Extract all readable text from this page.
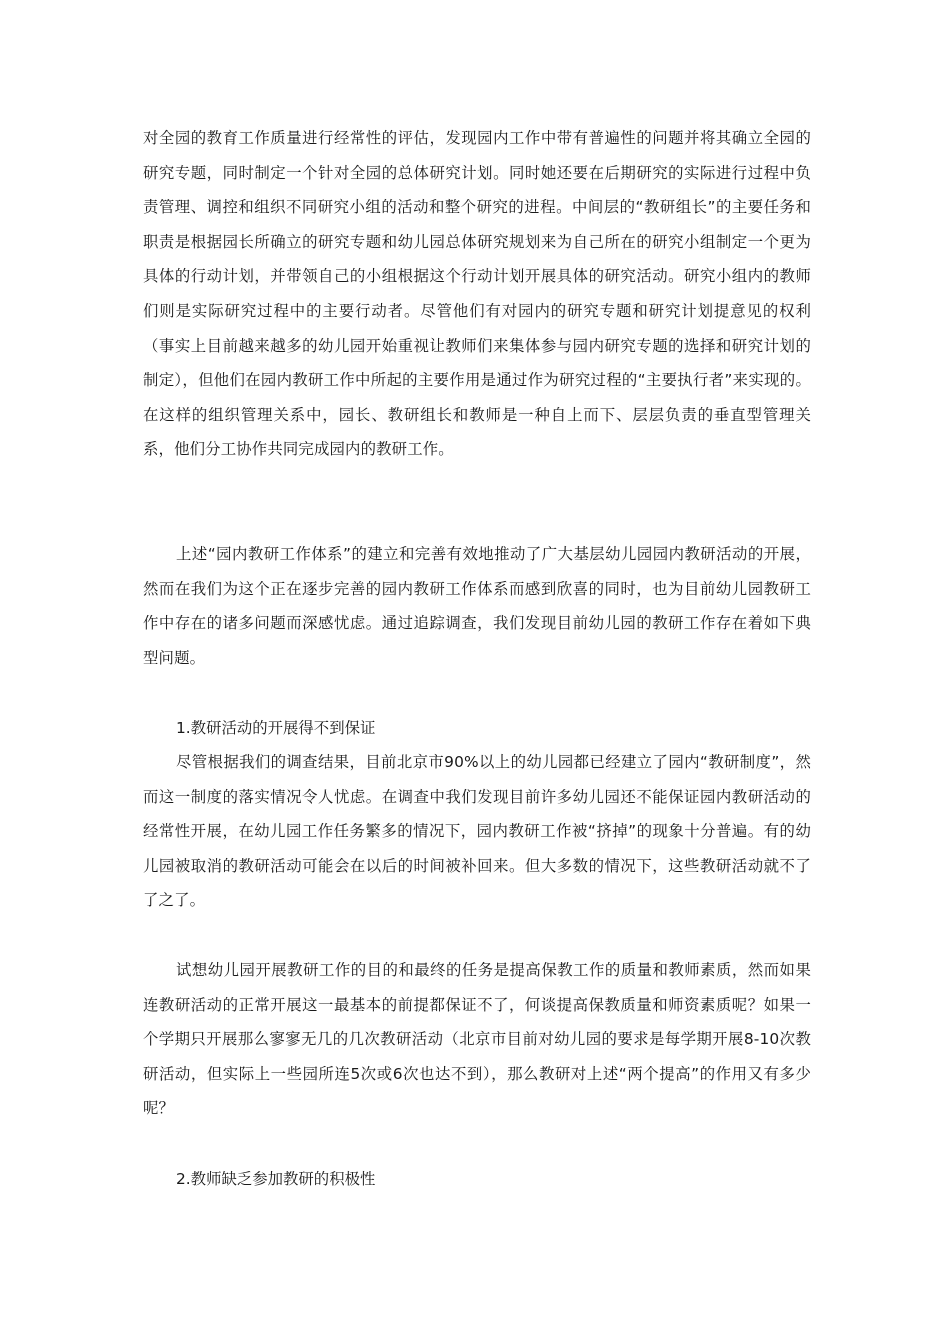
对全园的教育工作质量进行经常性的评估，发现园内工作中带有普遍性的问题并将其确立全园的研究专题，同时制定一个针对全园的总体研究计划。同时她还要在后期研究的实际进行过程中负责管理、调控和组织不同研究小组的活动和整个研究的进程。中间层的“教研组长”的主要任务和职责是根据园长所确立的研究专题和幼儿园总体研究规划来为自己所在的研究小组制定一个更为具体的行动计划，并带领自己的小组根据这个行动计划开展具体的研究活动。研究小组内的教师们则是实际研究过程中的主要行动者。尽管他们有对园内的研究专题和研究计划提意见的权利（事实上目前越来越多的幼儿园开始重视让教师们来集体参与园内研究专题的选择和研究计划的制定），但他们在园内教研工作中所起的主要作用是通过作为研究过程的“主要执行者”来实现的。在这样的组织管理关系中，园长、教研组长和教师是一种自上而下、层层负责的垂直型管理关系，他们分工协作共同完成园内的教研工作。

上述“园内教研工作体系”的建立和完善有效地推动了广大基层幼儿园园内教研活动的开展，然而在我们为这个正在逐步完善的园内教研工作体系而感到欣喜的同时，也为目前幼儿园教研工作中存在的诸多问题而深感忧虑。通过追踪调查，我们发现目前幼儿园的教研工作存在着如下典型问题。

1.教研活动的开展得不到保证

尽管根据我们的调查结果，目前北京市90%以上的幼儿园都已经建立了园内“教研制度”，然而这一制度的落实情况令人忧虑。在调查中我们发现目前许多幼儿园还不能保证园内教研活动的经常性开展，在幼儿园工作任务繁多的情况下，园内教研工作被“挤掉”的现象十分普遍。有的幼儿园被取消的教研活动可能会在以后的时间被补回来。但大多数的情况下，这些教研活动就不了了之了。

试想幼儿园开展教研工作的目的和最终的任务是提高保教工作的质量和教师素质，然而如果连教研活动的正常开展这一最基本的前提都保证不了，何谈提高保教质量和师资素质呢？如果一个学期只开展那么寥寥无几的几次教研活动（北京市目前对幼儿园的要求是每学期开展8-10次教研活动，但实际上一些园所连5次或6次也达不到），那么教研对上述“两个提高”的作用又有多少呢？

2.教师缺乏参加教研的积极性
